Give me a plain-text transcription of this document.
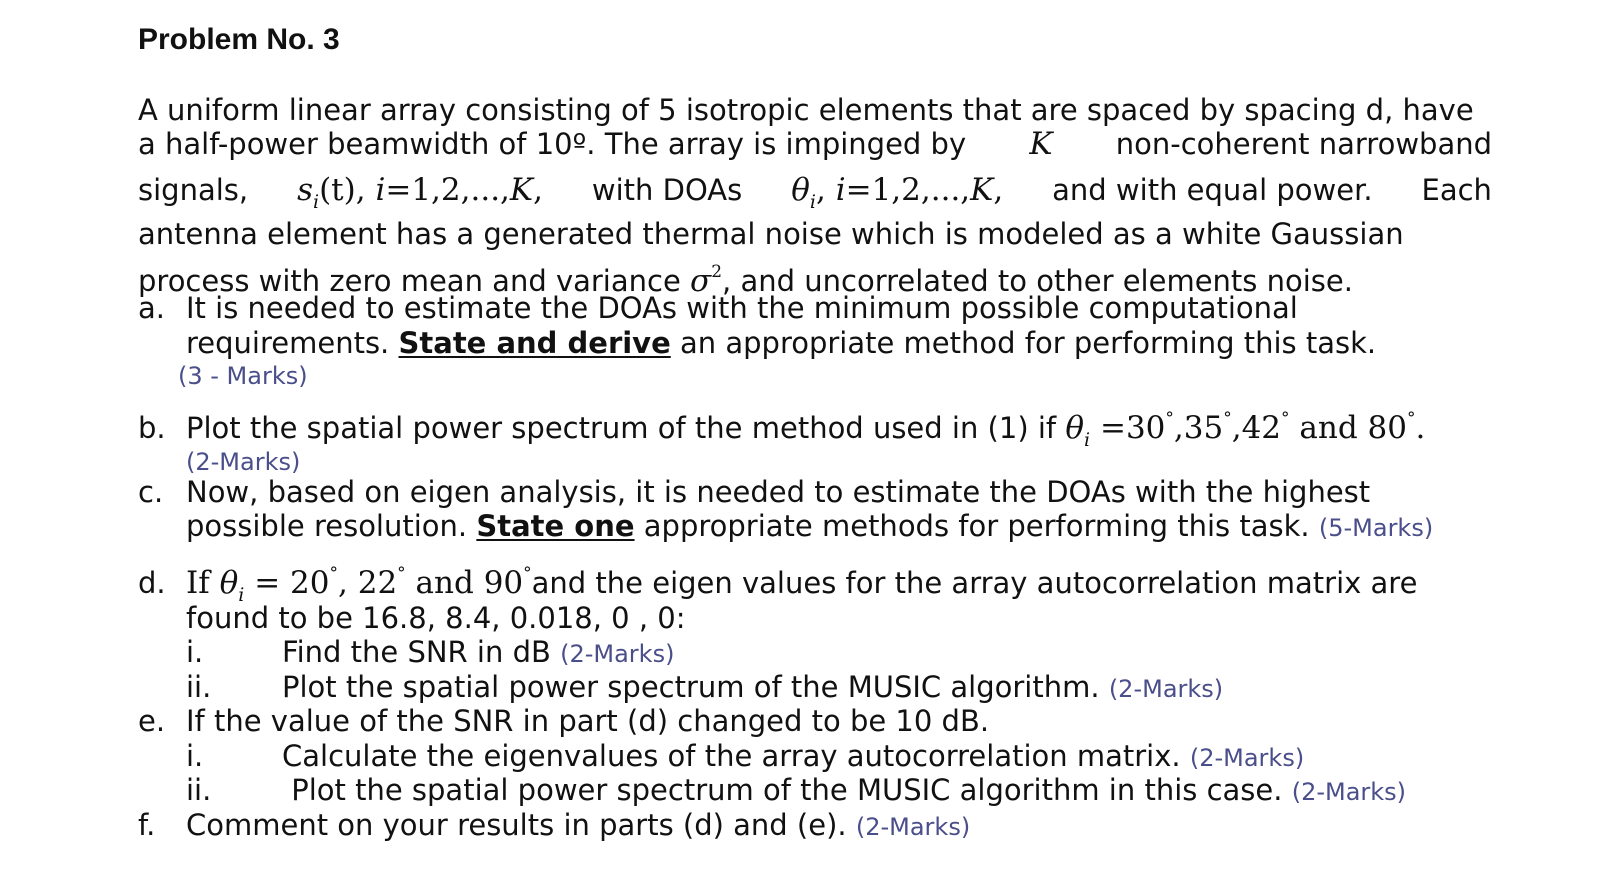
Problem No. 3
A uniform linear array consisting of 5 isotropic elements that are spaced by spacing d, have
a half-power beamwidth of 10º. The array is impinged by K non-coherent narrowband
signals, $s_i(t)$, i=1,2,...,K, with DOAs $\theta_i$, i=1,2,...,K, and with equal power. Each
antenna element has a generated thermal noise which is modeled as a white Gaussian
process with zero mean and variance $\sigma^2$, and uncorrelated to other elements noise.
a. It is needed to estimate the DOAs with the minimum possible computational
requirements. State and derive an appropriate method for performing this task.
(3 - Marks)
b. Plot the spatial power spectrum of the method used in (1) if $\theta_i =30^\circ,35^\circ,42^\circ$ and 80°.
(2-Marks)
c. Now, based on eigen analysis, it is needed to estimate the DOAs with the highest
possible resolution. State one appropriate methods for performing this task. (5-Marks)
d. If $\theta_i = 20^\circ$, 22° and 90°and the eigen values for the array autocorrelation matrix are
found to be 16.8, 8.4, 0.018, 0 , 0:
i.	Find the SNR in dB (2-Marks)
ii. Plot the spatial power spectrum of the MUSIC algorithm. (2-Marks)
e. If the value of the SNR in part (d) changed to be 10 dB.
i.	Calculate the eigenvalues of the array autocorrelation matrix. (2-Marks)
ii. Plot the spatial power spectrum of the MUSIC algorithm in this case. (2-Marks)
f. Comment on your results in parts (d) and (e). (2-Marks)
